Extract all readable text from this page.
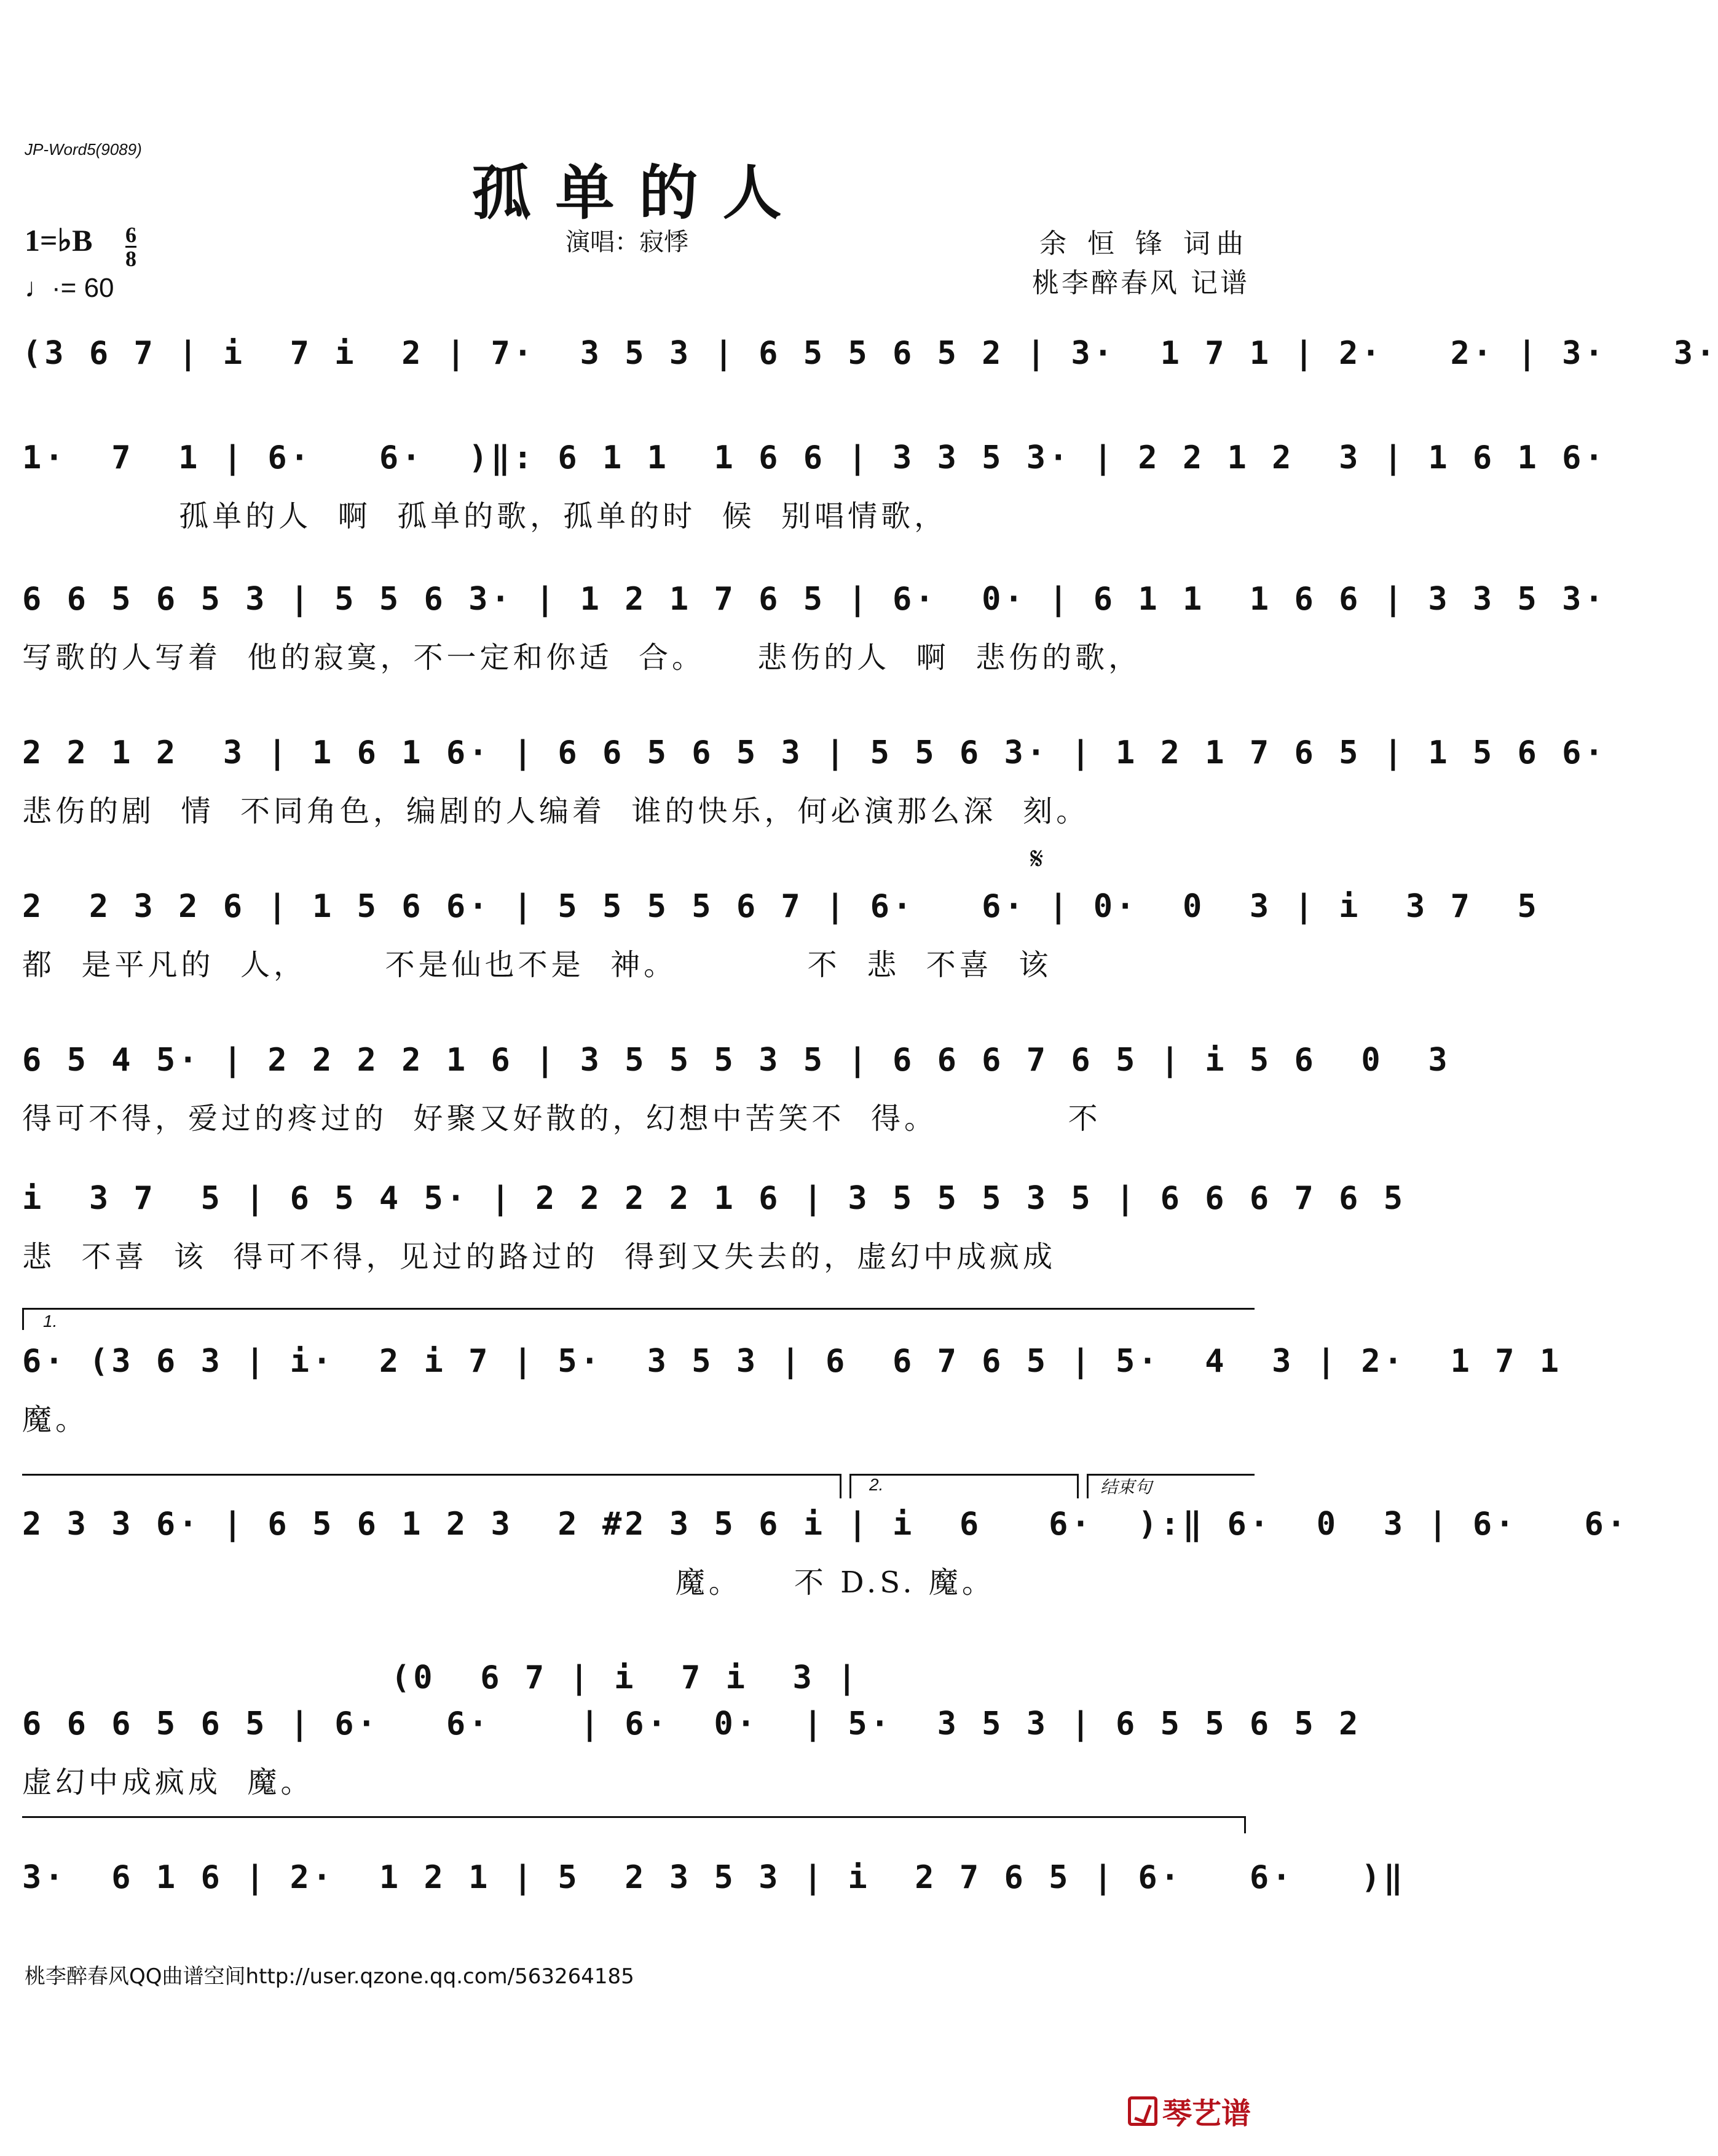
JP-Word5(9089)
孤单的人
1=♭B 6
8
♩·= 60
演唱：寂悸	余 恒 锋 词曲
桃李醉春风 记谱
(3 6 7 | i  7 i  2 | 7·  3 5 3 | 6 5 5 6 5 2 | 3·  1 7 1 | 2·   2· | 3·   3·
1·  7  1 | 6·   6·  )‖: 6 1 1  1 6 6 | 3 3 5 3· | 2 2 1 2  3 | 1 6 1 6·
孤单的人  啊  孤单的歌，孤单的时  候  别唱情歌，
6 6 5 6 5 3 | 5 5 6 3· | 1 2 1 7 6 5 | 6·  0· | 6 1 1  1 6 6 | 3 3 5 3·
写歌的人写着  他的寂寞，不一定和你适  合。    悲伤的人  啊  悲伤的歌，
2 2 1 2  3 | 1 6 1 6· | 6 6 5 6 5 3 | 5 5 6 3· | 1 2 1 7 6 5 | 1 5 6 6·
悲伤的剧  情  不同角色，编剧的人编着  谁的快乐，何必演那么深  刻。
𝄋
2  2 3 2 6 | 1 5 6 6· | 5 5 5 5 6 7 | 6·   6· | 0·  0  3 | i  3 7  5
都  是平凡的  人，      不是仙也不是  神。          不  悲  不喜  该
6 5 4 5· | 2 2 2 2 1 6 | 3 5 5 5 3 5 | 6 6 6 7 6 5 | i 5 6  0  3
得可不得，爱过的疼过的  好聚又好散的，幻想中苦笑不  得。          不
i  3 7  5 | 6 5 4 5· | 2 2 2 2 1 6 | 3 5 5 5 3 5 | 6 6 6 7 6 5
悲  不喜  该  得可不得，见过的路过的  得到又失去的，虚幻中成疯成
1.
6· (3 6 3 | i·  2 i 7 | 5·  3 5 3 | 6  6 7 6 5 | 5·  4  3 | 2·  1 7 1
魔。
2.	结束句
2 3 3 6· | 6 5 6 1 2 3  2 #2 3 5 6 i | i  6   6·  ):‖ 6·  0  3 | 6·   6·
魔。    不 D.S. 魔。
(0  6 7 | i  7 i  3 |
6 6 6 5 6 5 | 6·   6·    | 6·  0·  | 5·  3 5 3 | 6 5 5 6 5 2
虚幻中成疯成  魔。
3·  6 1 6 | 2·  1 2 1 | 5  2 3 5 3 | i  2 7 6 5 | 6·   6·   )‖
桃李醉春风QQ曲谱空间http://user.qzone.qq.com/563264185
琴艺谱
